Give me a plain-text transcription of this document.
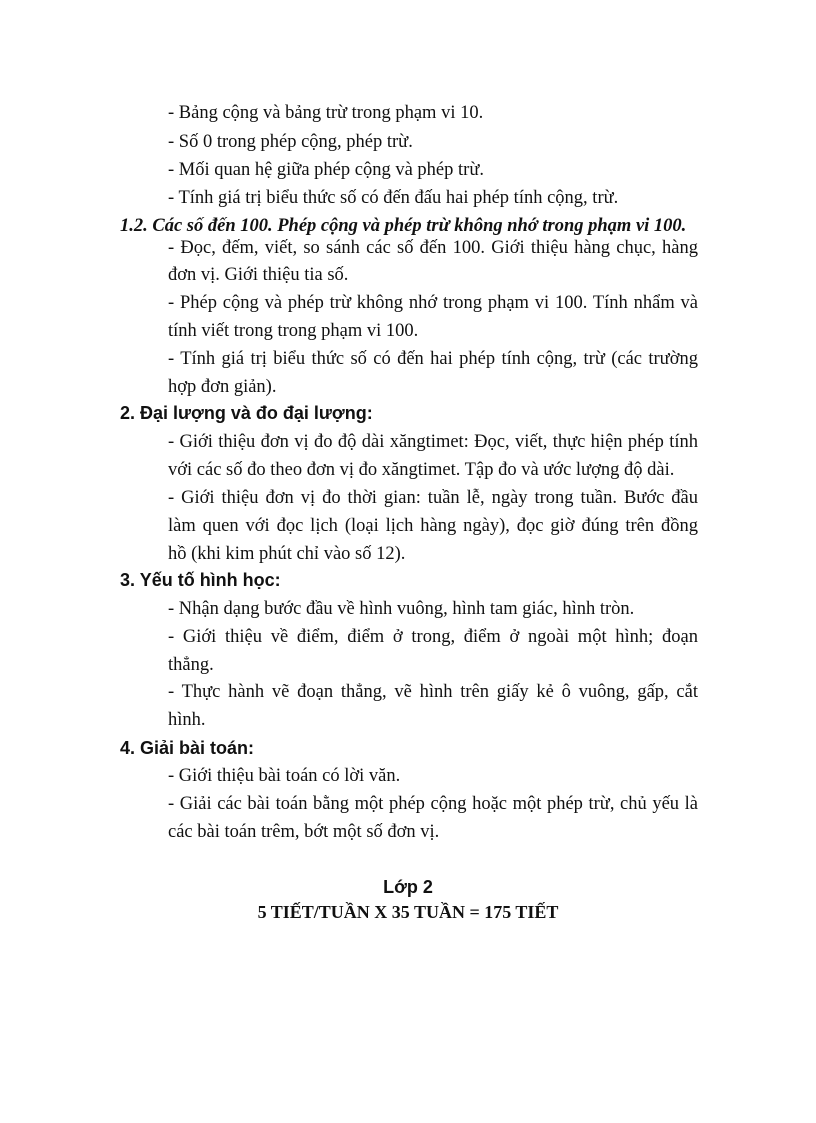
- Bảng cộng và bảng trừ trong phạm vi 10.
- Số 0 trong phép cộng, phép trừ.
- Mối quan hệ giữa phép cộng và phép trừ.
- Tính giá trị biểu thức số có đến đấu hai phép tính cộng, trừ.
1.2. Các số đến 100. Phép cộng và phép trừ không nhớ trong phạm vi 100.
- Đọc, đếm, viết, so sánh các số đến 100. Giới thiệu hàng chục, hàng
đơn vị. Giới thiệu tia số.
- Phép cộng và phép trừ không nhớ trong phạm vi 100. Tính nhẩm và
tính viết trong trong phạm vi 100.
- Tính giá trị biểu thức số có đến hai phép tính cộng, trừ (các trường
hợp đơn giản).
2. Đại lượng và đo đại lượng:
- Giới thiệu đơn vị đo độ dài xăngtimet: Đọc, viết, thực hiện phép tính
với các số đo theo đơn vị đo xăngtimet. Tập đo và ước lượng độ dài.
- Giới thiệu đơn vị đo thời gian: tuần lễ, ngày trong tuần. Bước đầu
làm quen với đọc lịch (loại lịch hàng ngày), đọc giờ đúng trên đồng
hồ (khi kim phút chỉ vào số 12).
3. Yếu tố hình học:
- Nhận dạng bước đầu về hình vuông, hình tam giác, hình tròn.
- Giới thiệu về điểm, điểm ở trong, điểm ở ngoài một hình; đoạn
thẳng.
- Thực hành vẽ đoạn thẳng, vẽ hình trên giấy kẻ ô vuông, gấp, cắt
hình.
4. Giải bài toán:
- Giới thiệu bài toán có lời văn.
- Giải các bài toán bằng một phép cộng hoặc một phép trừ, chủ yếu là
các bài toán trêm, bớt một số đơn vị.
Lớp 2
5 TIẾT/TUẦN X 35 TUẦN = 175 TIẾT
